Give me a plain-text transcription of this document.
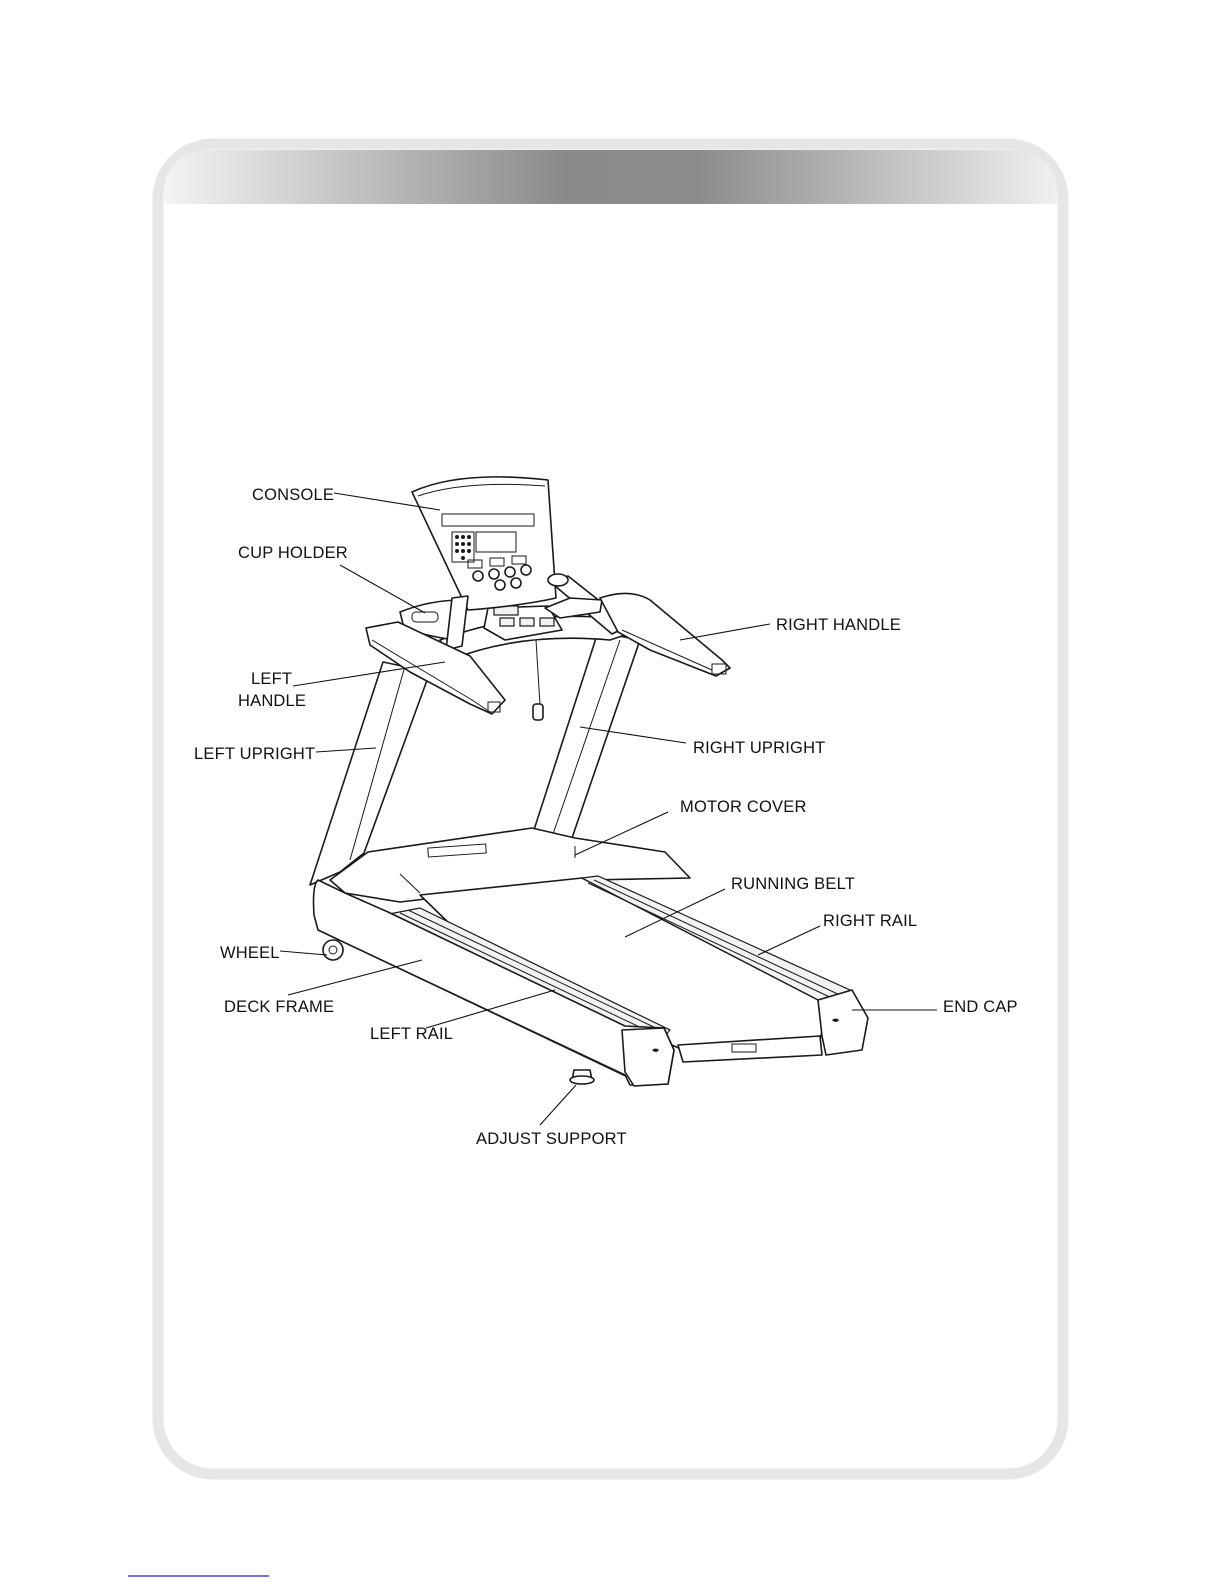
CONSOLE
CUP HOLDER
LEFT
HANDLE
LEFT UPRIGHT
WHEEL
DECK FRAME
LEFT RAIL
ADJUST SUPPORT
RIGHT HANDLE
RIGHT UPRIGHT
MOTOR COVER
RUNNING BELT
RIGHT RAIL
END CAP
